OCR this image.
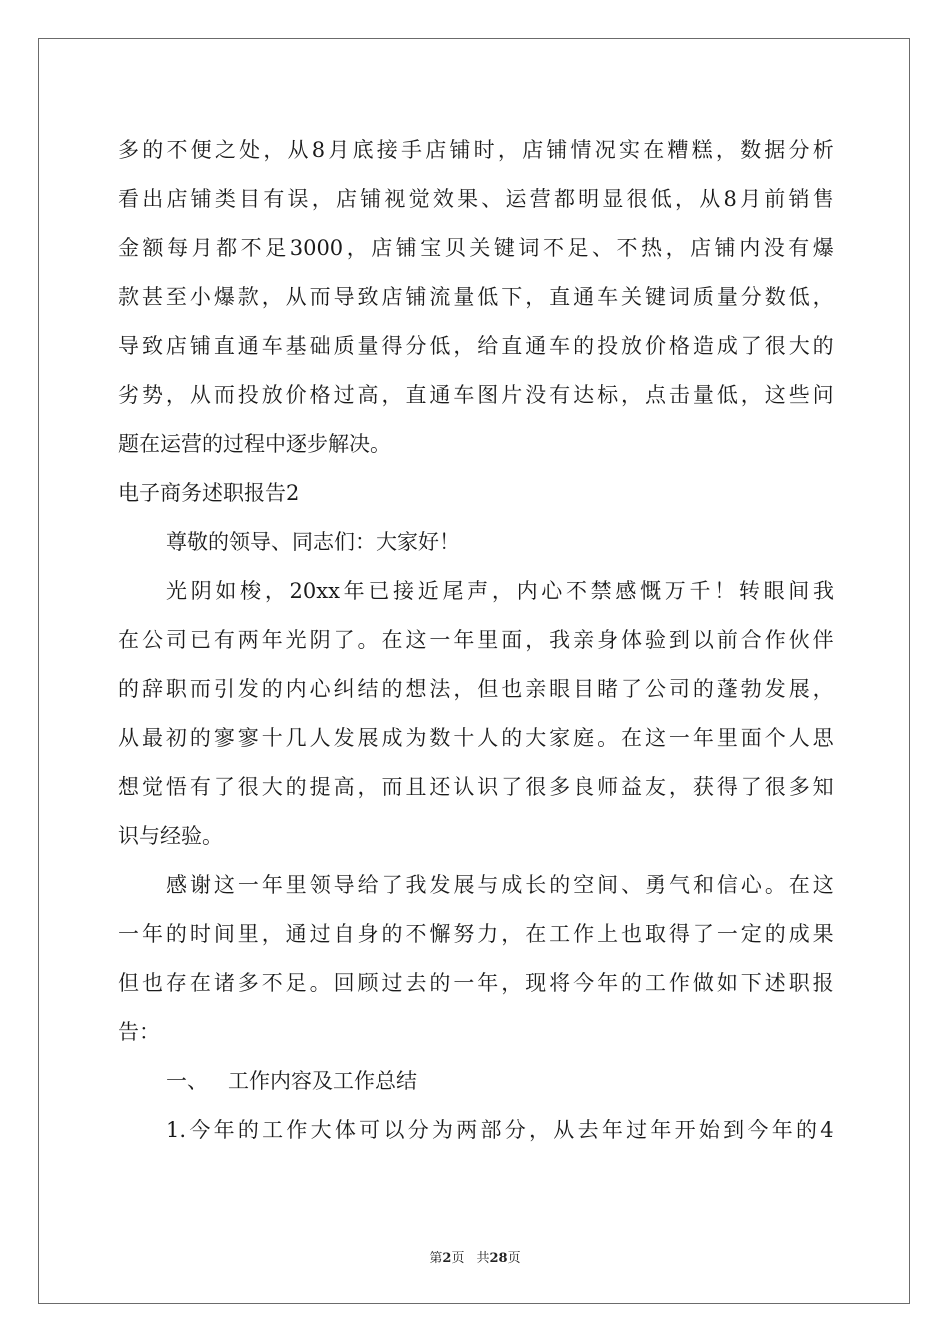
多 的 不 便 之 处 ， 从 8 月 底 接 手 店 铺 时 ， 店 铺 情 况 实 在 糟 糕 ， 数 据 分 析
看 出 店 铺 类 目 有 误 ， 店 铺 视 觉 效 果 、 运 营 都 明 显 很 低 ， 从 8 月 前 销 售
金 额 每 月 都 不 足 3000 ， 店 铺 宝 贝 关 键 词 不 足 、 不 热 ， 店 铺 内 没 有 爆
款 甚 至 小 爆 款 ， 从 而 导 致 店 铺 流 量 低 下 ， 直 通 车 关 键 词 质 量 分 数 低 ，
导 致 店 铺 直 通 车 基 础 质 量 得 分 低 ， 给 直 通 车 的 投 放 价 格 造 成 了 很 大 的
劣 势 ， 从 而 投 放 价 格 过 高 ， 直 通 车 图 片 没 有 达 标 ， 点 击 量 低 ， 这 些 问
题在运营的过程中逐步解决。
电子商务述职报告2
尊敬的领导、同志们：大家好！
光 阴 如 梭 ， 20xx 年 已 接 近 尾 声 ， 内 心 不 禁 感 慨 万 千 ！ 转 眼 间 我
在 公 司 已 有 两 年 光 阴 了 。 在 这 一 年 里 面 ， 我 亲 身 体 验 到 以 前 合 作 伙 伴
的 辞 职 而 引 发 的 内 心 纠 结 的 想 法 ， 但 也 亲 眼 目 睹 了 公 司 的 蓬 勃 发 展 ，
从 最 初 的 寥 寥 十 几 人 发 展 成 为 数 十 人 的 大 家 庭 。 在 这 一 年 里 面 个 人 思
想 觉 悟 有 了 很 大 的 提 高 ， 而 且 还 认 识 了 很 多 良 师 益 友 ， 获 得 了 很 多 知
识与经验。
感 谢 这 一 年 里 领 导 给 了 我 发 展 与 成 长 的 空 间 、 勇 气 和 信 心 。 在 这
一 年 的 时 间 里 ， 通 过 自 身 的 不 懈 努 力 ， 在 工 作 上 也 取 得 了 一 定 的 成 果
但 也 存 在 诸 多 不 足 。 回 顾 过 去 的 一 年 ， 现 将 今 年 的 工 作 做 如 下 述 职 报
告：
一、 工作内容及工作总结
1. 今 年 的 工 作 大 体 可 以 分 为 两 部 分 ， 从 去 年 过 年 开 始 到 今 年 的 4
第2页 共28页
